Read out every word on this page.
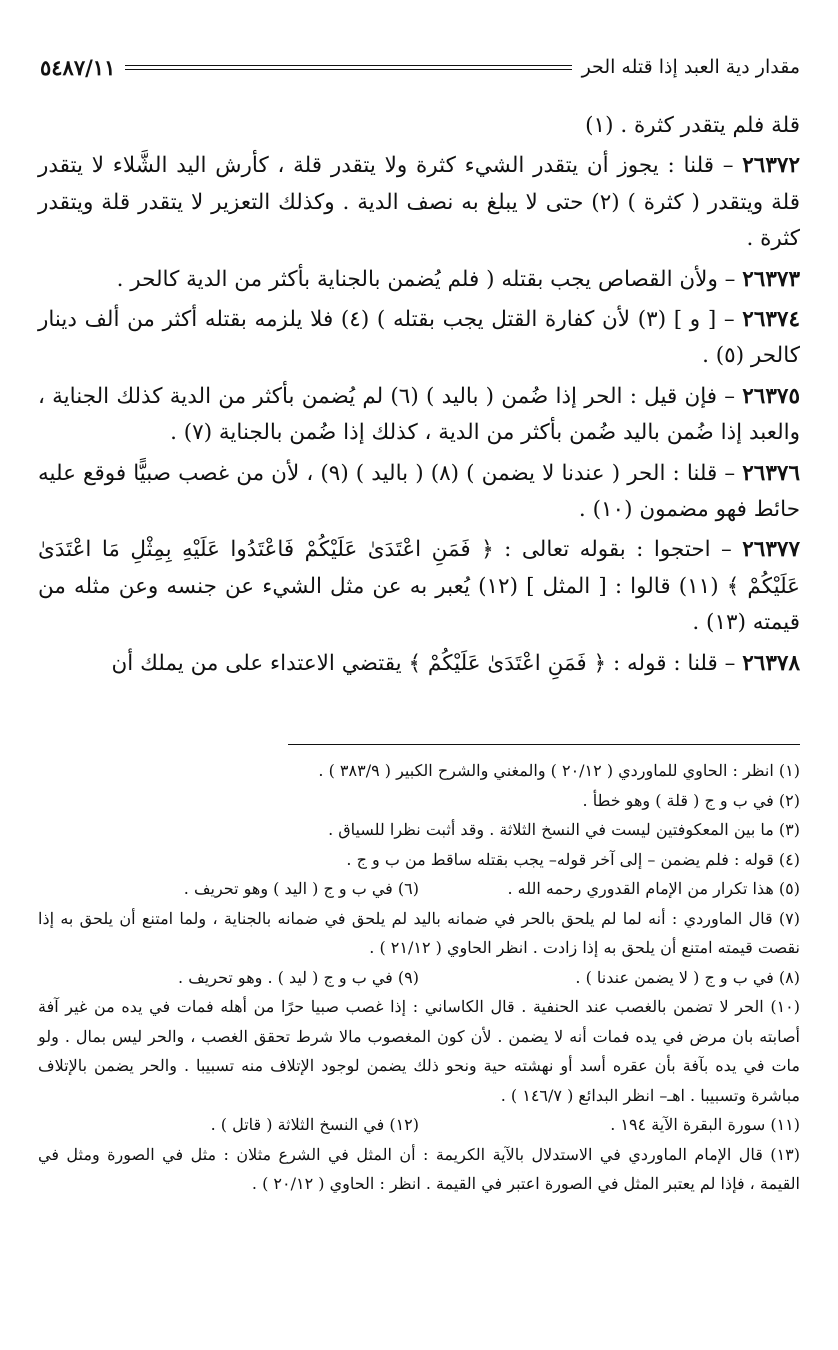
مقدار دية العبد إذا قتله الحر
٥٤٨٧/١١

قلة فلم يتقدر كثرة . (١)

٢٦٣٧٢ – قلنا : يجوز أن يتقدر الشيء كثرة ولا يتقدر قلة ، كأرش اليد الشَّلاء لا يتقدر قلة ويتقدر ( كثرة ) (٢) حتى لا يبلغ به نصف الدية . وكذلك التعزير لا يتقدر قلة ويتقدر كثرة .

٢٦٣٧٣ – ولأن القصاص يجب بقتله ( فلم يُضمن بالجناية بأكثر من الدية كالحر .

٢٦٣٧٤ – [ و ] (٣) لأن كفارة القتل يجب بقتله ) (٤) فلا يلزمه بقتله أكثر من ألف دينار كالحر (٥) .

٢٦٣٧٥ – فإن قيل : الحر إذا ضُمن ( باليد ) (٦) لم يُضمن بأكثر من الدية كذلك الجناية ، والعبد إذا ضُمن باليد ضُمن بأكثر من الدية ، كذلك إذا ضُمن بالجناية (٧) .

٢٦٣٧٦ – قلنا : الحر ( عندنا لا يضمن ) (٨) ( باليد ) (٩) ، لأن من غصب صبيًّا فوقع عليه حائط فهو مضمون (١٠) .

٢٦٣٧٧ – احتجوا : بقوله تعالى : ﴿ فَمَنِ اعْتَدَىٰ عَلَيْكُمْ فَاعْتَدُوا عَلَيْهِ بِمِثْلِ مَا اعْتَدَىٰ عَلَيْكُمْ ﴾ (١١) قالوا : [ المثل ] (١٢) يُعبر به عن مثل الشيء عن جنسه وعن مثله من قيمته (١٣) .

٢٦٣٧٨ – قلنا : قوله : ﴿ فَمَنِ اعْتَدَىٰ عَلَيْكُمْ ﴾ يقتضي الاعتداء على من يملك أن

(١) انظر : الحاوي للماوردي ( ٢٠/١٢ ) والمغني والشرح الكبير ( ٣٨٣/٩ ) .

(٢) في ب و ج ( قلة ) وهو خطأ .

(٣) ما بين المعكوفتين ليست في النسخ الثلاثة . وقد أثبت نظرا للسياق .

(٤) قوله : فلم يضمن – إلى آخر قوله– يجب بقتله ساقط من ب و ج .

(٥) هذا تكرار من الإمام القدوري رحمه الله .
(٦) في ب و ج ( اليد ) وهو تحريف .

(٧) قال الماوردي : أنه لما لم يلحق بالحر في ضمانه باليد لم يلحق في ضمانه بالجناية ، ولما امتنع أن يلحق به إذا نقصت قيمته امتنع أن يلحق به إذا زادت . انظر الحاوي ( ٢١/١٢ ) .

(٨) في ب و ج ( لا يضمن عندنا ) .
(٩) في ب و ج ( ليد ) . وهو تحريف .

(١٠) الحر لا تضمن بالغصب عند الحنفية . قال الكاساني : إذا غصب صبيا حرًا من أهله فمات في يده من غير آفة أصابته بان مرض في يده فمات أنه لا يضمن . لأن كون المغصوب مالا شرط تحقق الغصب ، والحر ليس بمال . ولو مات في يده بآفة بأن عقره أسد أو نهشته حية ونحو ذلك يضمن لوجود الإتلاف منه تسبيبا . والحر يضمن بالإتلاف مباشرة وتسبيبا . اهـ– انظر البدائع ( ١٤٦/٧ ) .

(١١) سورة البقرة الآية ١٩٤ .
(١٢) في النسخ الثلاثة ( قاتل ) .

(١٣) قال الإمام الماوردي في الاستدلال بالآية الكريمة : أن المثل في الشرع مثلان : مثل في الصورة ومثل في القيمة ، فإذا لم يعتبر المثل في الصورة اعتبر في القيمة . انظر : الحاوي ( ٢٠/١٢ ) .
